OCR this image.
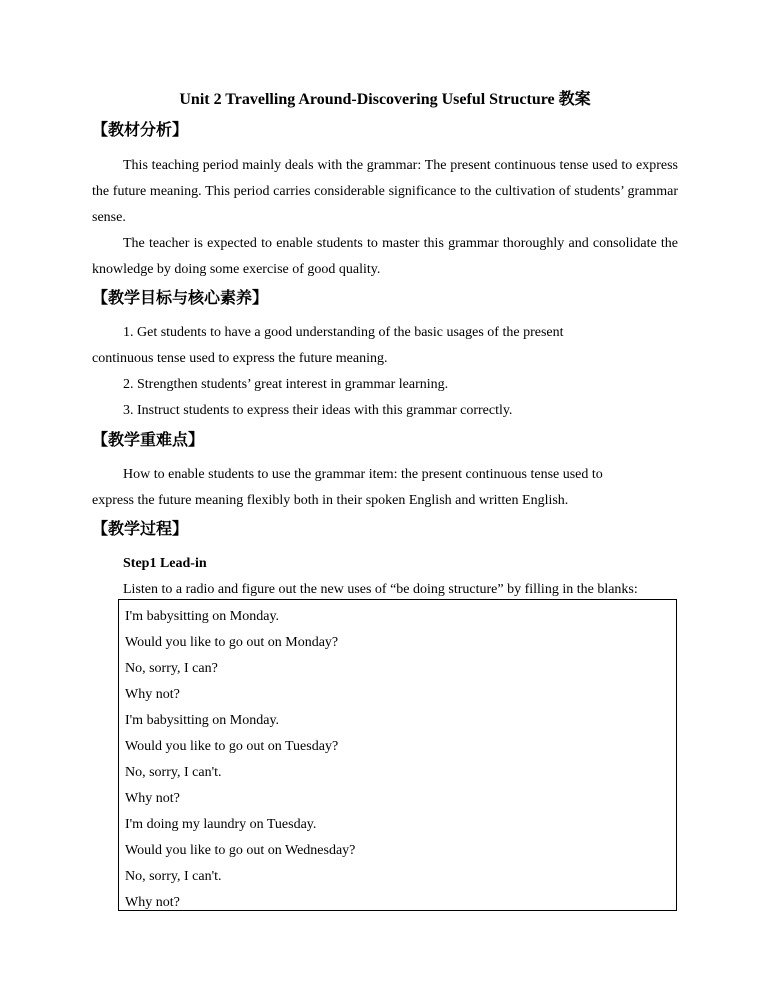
Unit 2 Travelling Around-Discovering Useful Structure 教案
【教材分析】

This teaching period mainly deals with the grammar: The present continuous tense used to express the future meaning. This period carries considerable significance to the cultivation of students’ grammar sense.

The teacher is expected to enable students to master this grammar thoroughly and consolidate the knowledge by doing some exercise of good quality.

【教学目标与核心素养】
1. Get students to have a good understanding of the basic usages of the present
continuous tense used to express the future meaning.
2. Strengthen students’ great interest in grammar learning.
3. Instruct students to express their ideas with this grammar correctly.
【教学重难点】
How to enable students to use the grammar item: the present continuous tense used to
express the future meaning flexibly both in their spoken English and written English.
【教学过程】
Step1 Lead-in
Listen to a radio and figure out the new uses of “be doing structure” by filling in the blanks:
I'm babysitting on Monday.
Would you like to go out on Monday?
No, sorry, I can?
Why not?
I'm babysitting on Monday.
Would you like to go out on Tuesday?
No, sorry, I can't.
Why not?
I'm doing my laundry on Tuesday.
Would you like to go out on Wednesday?
No, sorry, I can't.
Why not?
